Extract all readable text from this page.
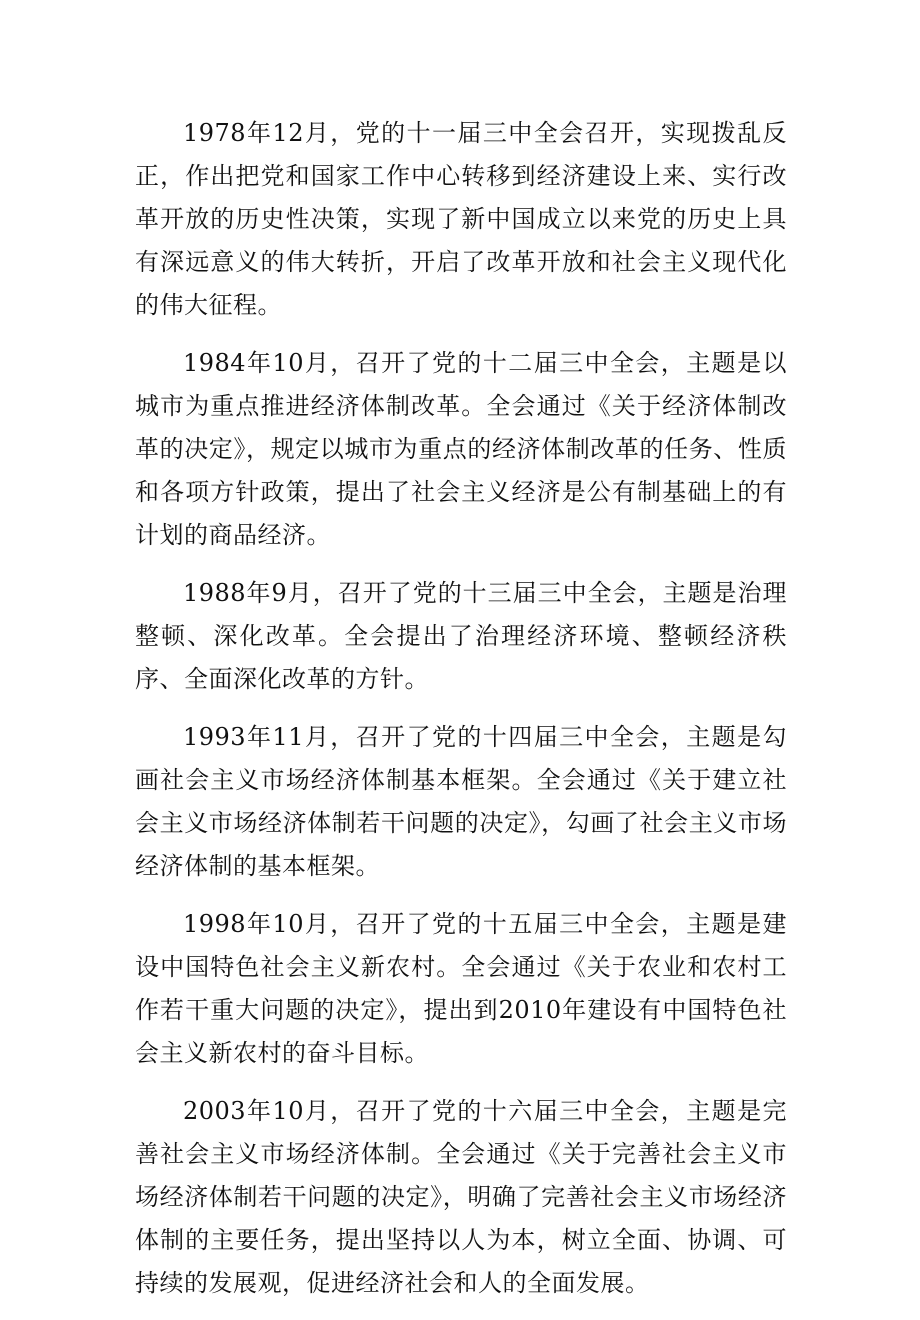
1978年12月，党的十一届三中全会召开，实现拨乱反正，作出把党和国家工作中心转移到经济建设上来、实行改革开放的历史性决策，实现了新中国成立以来党的历史上具有深远意义的伟大转折，开启了改革开放和社会主义现代化的伟大征程。

1984年10月，召开了党的十二届三中全会，主题是以城市为重点推进经济体制改革。全会通过《关于经济体制改革的决定》，规定以城市为重点的经济体制改革的任务、性质和各项方针政策，提出了社会主义经济是公有制基础上的有计划的商品经济。

1988年9月，召开了党的十三届三中全会，主题是治理整顿、深化改革。全会提出了治理经济环境、整顿经济秩序、全面深化改革的方针。

1993年11月，召开了党的十四届三中全会，主题是勾画社会主义市场经济体制基本框架。全会通过《关于建立社会主义市场经济体制若干问题的决定》，勾画了社会主义市场经济体制的基本框架。

1998年10月，召开了党的十五届三中全会，主题是建设中国特色社会主义新农村。全会通过《关于农业和农村工作若干重大问题的决定》，提出到2010年建设有中国特色社会主义新农村的奋斗目标。

2003年10月，召开了党的十六届三中全会，主题是完善社会主义市场经济体制。全会通过《关于完善社会主义市场经济体制若干问题的决定》，明确了完善社会主义市场经济体制的主要任务，提出坚持以人为本，树立全面、协调、可持续的发展观，促进经济社会和人的全面发展。
